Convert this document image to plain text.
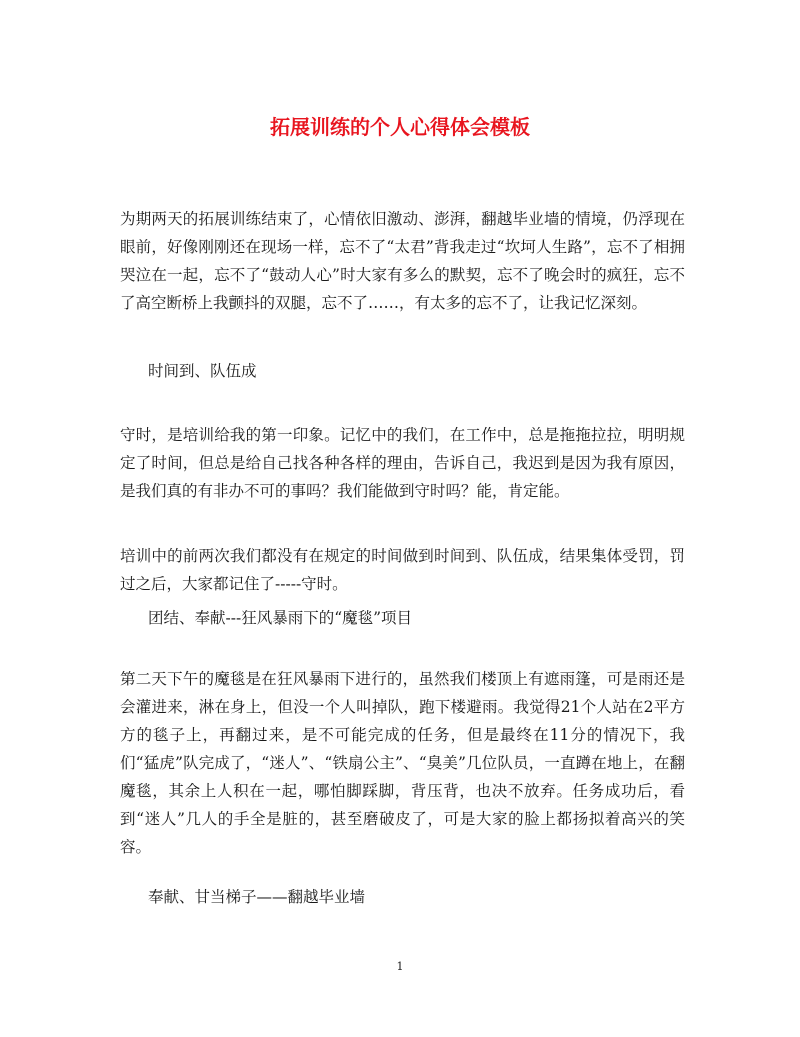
拓展训练的个人心得体会模板

为期两天的拓展训练结束了，心情依旧激动、澎湃，翻越毕业墙的情境，仍浮现在眼前，好像刚刚还在现场一样，忘不了“太君”背我走过“坎坷人生路”，忘不了相拥哭泣在一起，忘不了“鼓动人心”时大家有多么的默契，忘不了晚会时的疯狂，忘不了高空断桥上我颤抖的双腿，忘不了……，有太多的忘不了，让我记忆深刻。

时间到、队伍成

守时，是培训给我的第一印象。记忆中的我们，在工作中，总是拖拖拉拉，明明规定了时间，但总是给自己找各种各样的理由，告诉自己，我迟到是因为我有原因，是我们真的有非办不可的事吗？我们能做到守时吗？能，肯定能。

培训中的前两次我们都没有在规定的时间做到时间到、队伍成，结果集体受罚，罚过之后，大家都记住了-----守时。

团结、奉献---狂风暴雨下的“魔毯”项目

第二天下午的魔毯是在狂风暴雨下进行的，虽然我们楼顶上有遮雨篷，可是雨还是会灌进来，淋在身上，但没一个人叫掉队，跑下楼避雨。我觉得21个人站在2平方方的毯子上，再翻过来，是不可能完成的任务，但是最终在11分的情况下，我们“猛虎”队完成了，“迷人”、“铁扇公主”、“臭美”几位队员，一直蹲在地上，在翻魔毯，其余上人积在一起，哪怕脚踩脚，背压背，也决不放弃。任务成功后，看到“迷人”几人的手全是脏的，甚至磨破皮了，可是大家的脸上都扬拟着高兴的笑容。

奉献、甘当梯子——翻越毕业墙

1
